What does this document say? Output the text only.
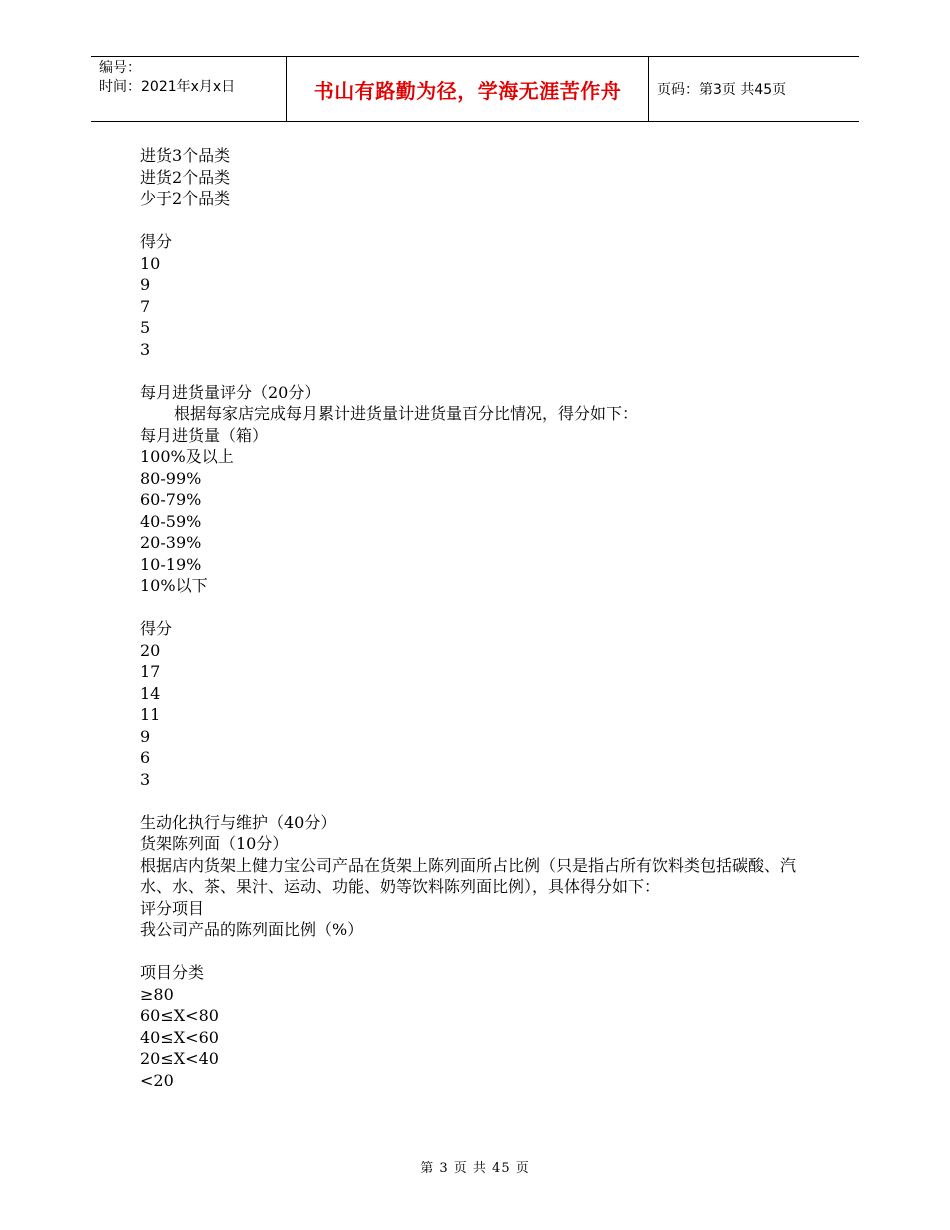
编号：
时间：2021年x月x日	书山有路勤为径，学海无涯苦作舟	页码：第3页 共45页
进货3个品类
进货2个品类
少于2个品类
得分
10
9
7
5
3
每月进货量评分（20分）
根据每家店完成每月累计进货量计进货量百分比情况，得分如下：
每月进货量（箱）
100%及以上
80-99%
60-79%
40-59%
20-39%
10-19%
10%以下
得分
20
17
14
11
9
6
3
生动化执行与维护（40分）
货架陈列面（10分）
根据店内货架上健力宝公司产品在货架上陈列面所占比例（只是指占所有饮料类包括碳酸、汽水、水、茶、果汁、运动、功能、奶等饮料陈列面比例），具体得分如下：
评分项目
我公司产品的陈列面比例（%）
项目分类
≥80
60≤X<80
40≤X<60
20≤X<40
<20
第 3 页 共 45 页
